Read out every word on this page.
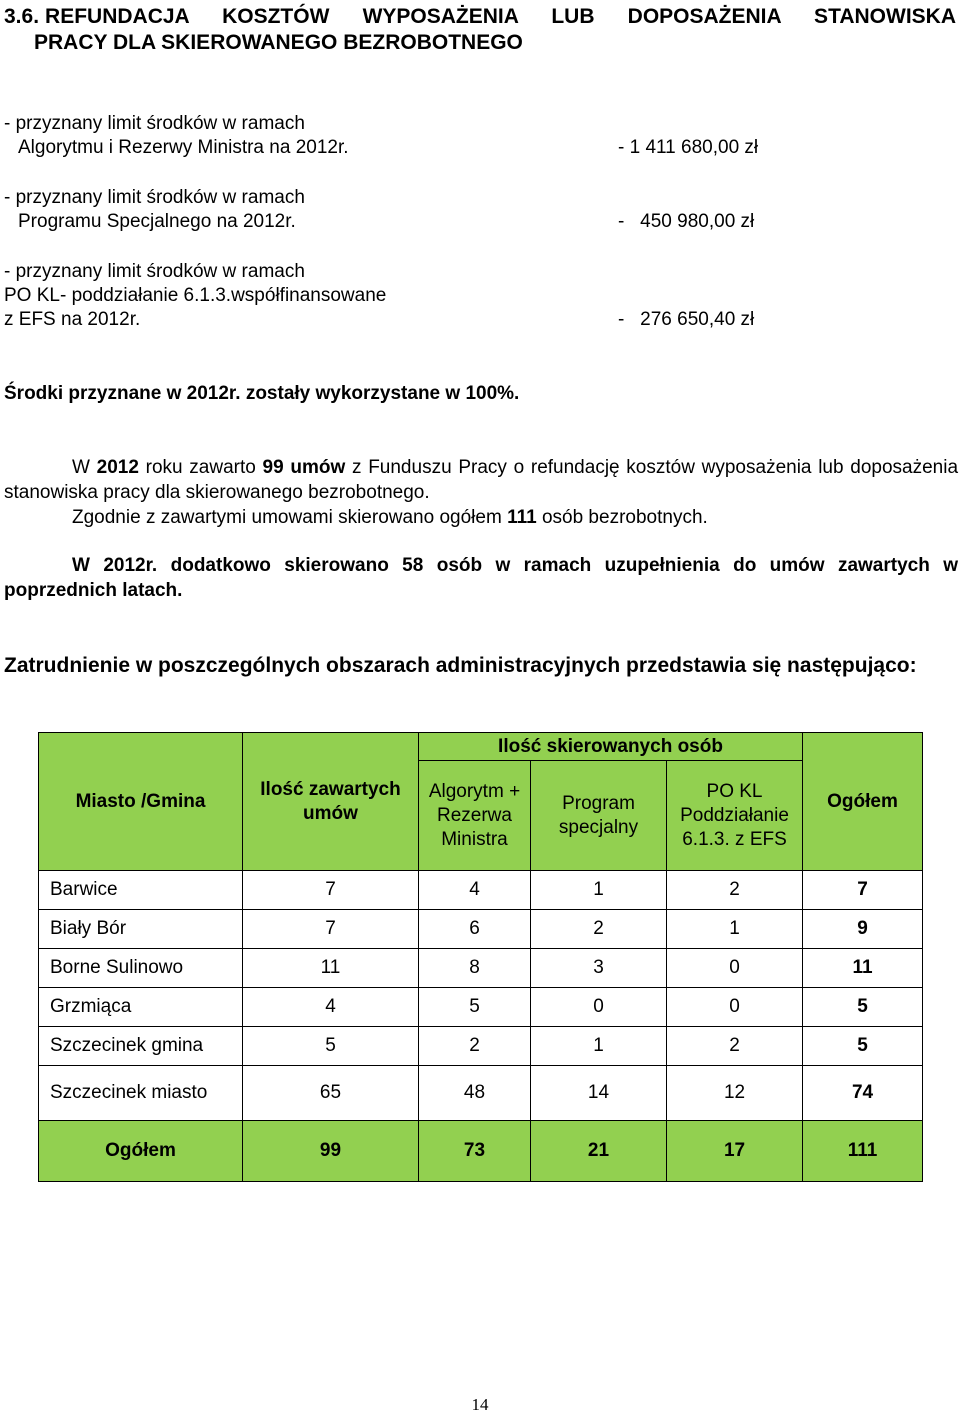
3.6. REFUNDACJA KOSZTÓW WYPOSAŻENIA LUB DOPOSAŻENIA STANOWISKA
PRACY DLA SKIEROWANEGO BEZROBOTNEGO
- przyznany limit środków w ramach
Algorytmu i Rezerwy Ministra na 2012r.	- 1 411 680,00 zł
- przyznany limit środków w ramach
Programu Specjalnego na 2012r.	-   450 980,00 zł
- przyznany limit środków w ramach
PO KL- poddziałanie 6.1.3.współfinansowane
z EFS na 2012r.	-   276 650,40 zł
Środki przyznane w 2012r. zostały wykorzystane w 100%.
W 2012 roku zawarto 99 umów z Funduszu Pracy o refundację kosztów wyposażenia lub doposażenia stanowiska pracy dla skierowanego bezrobotnego.
Zgodnie z zawartymi umowami skierowano ogółem 111 osób bezrobotnych.
W 2012r. dodatkowo skierowano 58 osób w ramach uzupełnienia do umów zawartych w poprzednich latach.
Zatrudnienie w poszczególnych obszarach administracyjnych przedstawia się następująco:
Miasto /Gmina	Ilość zawartych umów	Ilość skierowanych osób			Ogółem
		Algorytm + Rezerwa Ministra	Program specjalny	PO KL Poddziałanie 6.1.3. z EFS	
Barwice	7	4	1	2	7
Biały Bór	7	6	2	1	9
Borne Sulinowo	11	8	3	0	11
Grzmiąca	4	5	0	0	5
Szczecinek gmina	5	2	1	2	5
Szczecinek miasto	65	48	14	12	74
Ogółem	99	73	21	17	111
14
